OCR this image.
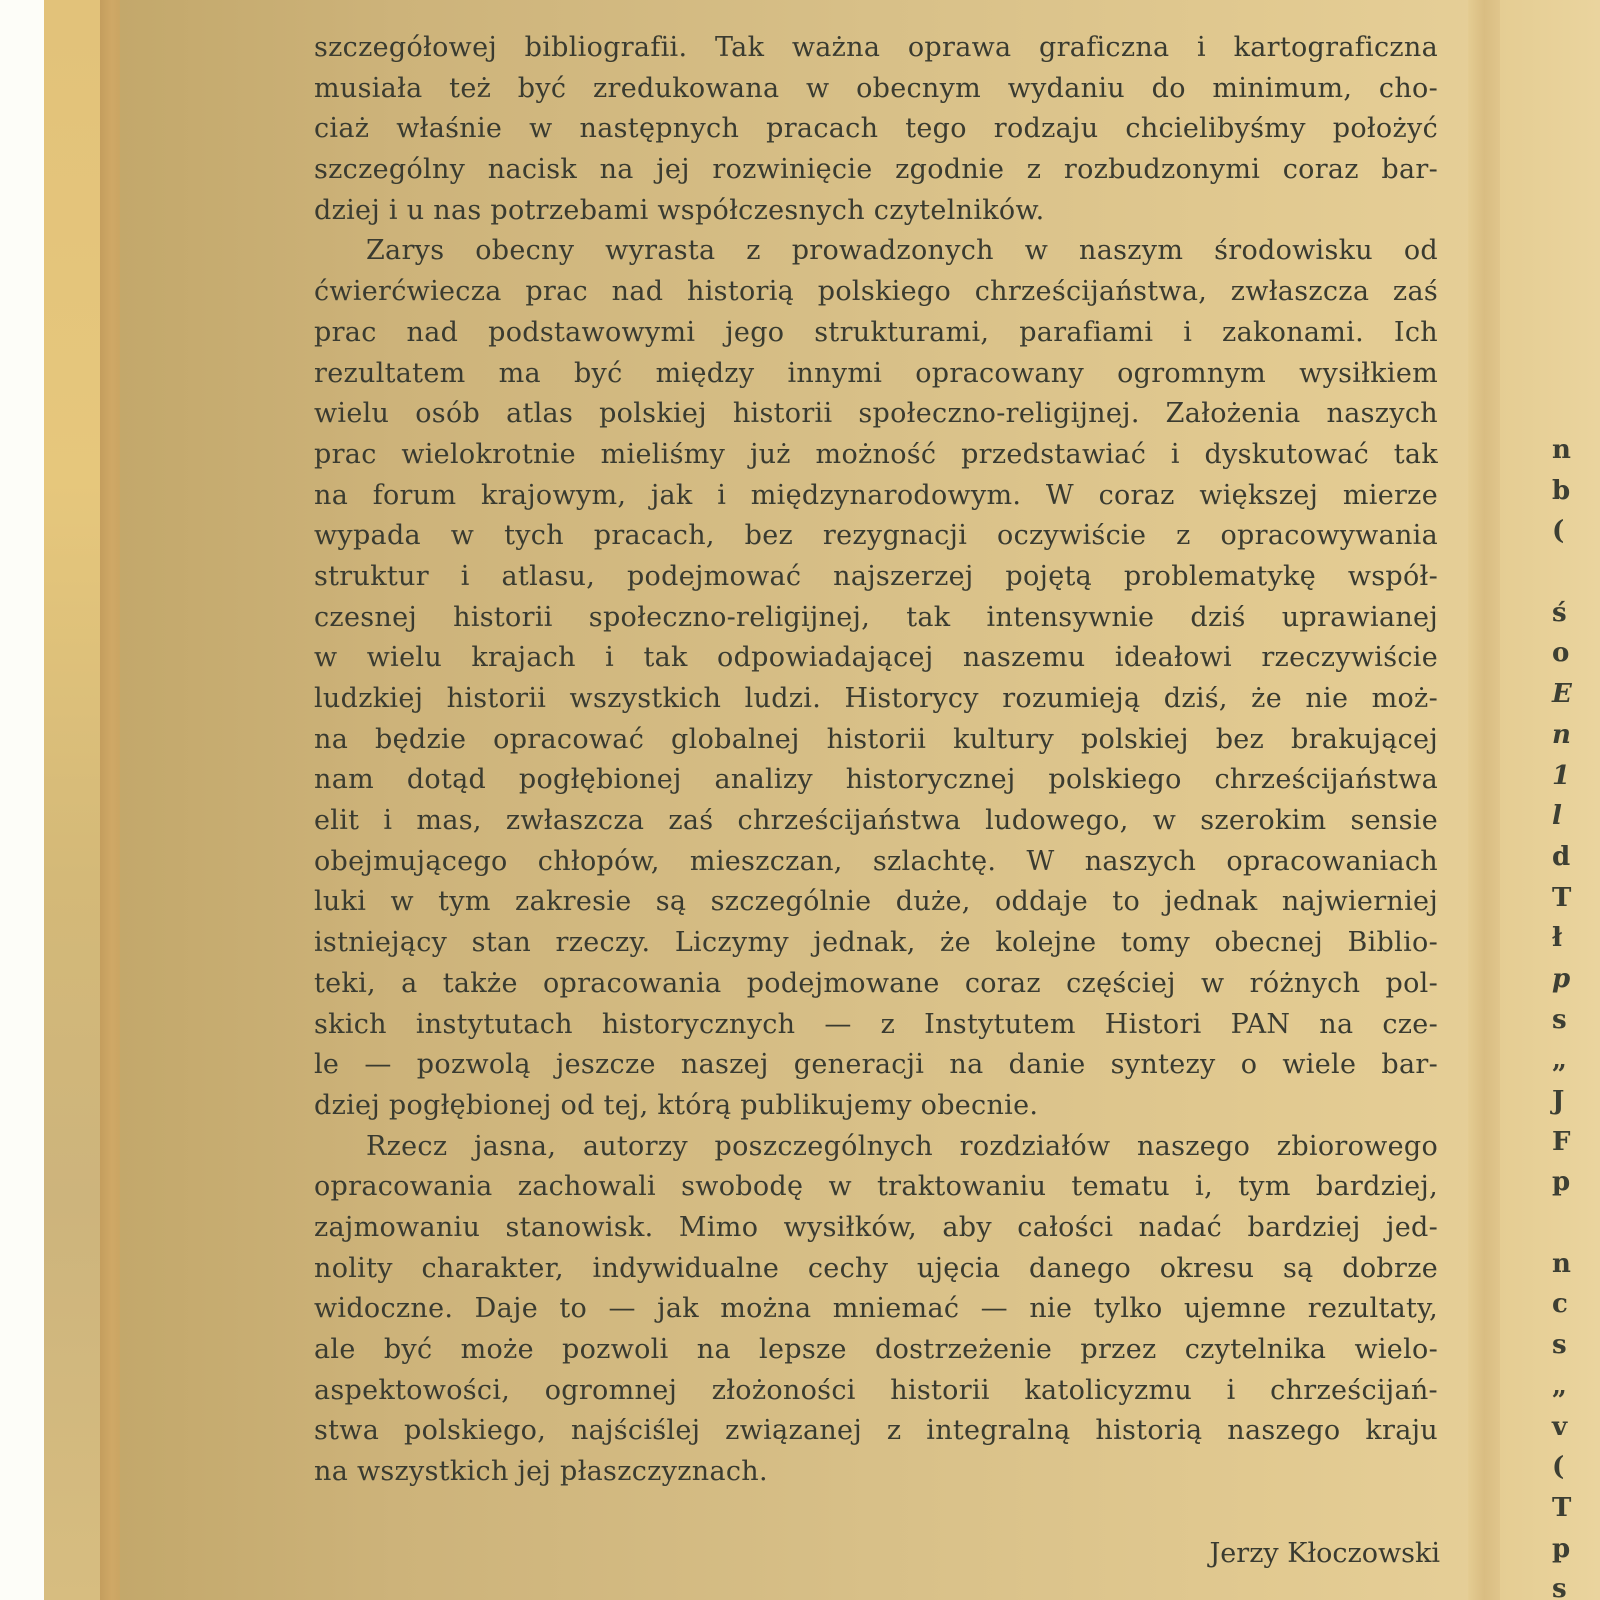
szczegółowej bibliografii. Tak ważna oprawa graficzna i kartograficzna
musiała też być zredukowana w obecnym wydaniu do minimum, cho-
ciaż właśnie w następnych pracach tego rodzaju chcielibyśmy położyć
szczególny nacisk na jej rozwinięcie zgodnie z rozbudzonymi coraz bar-
dziej i u nas potrzebami współczesnych czytelników.
Zarys obecny wyrasta z prowadzonych w naszym środowisku od
ćwierćwiecza prac nad historią polskiego chrześcijaństwa, zwłaszcza zaś
prac nad podstawowymi jego strukturami, parafiami i zakonami. Ich
rezultatem ma być między innymi opracowany ogromnym wysiłkiem
wielu osób atlas polskiej historii społeczno-religijnej. Założenia naszych
prac wielokrotnie mieliśmy już możność przedstawiać i dyskutować tak
na forum krajowym, jak i międzynarodowym. W coraz większej mierze
wypada w tych pracach, bez rezygnacji oczywiście z opracowywania
struktur i atlasu, podejmować najszerzej pojętą problematykę współ-
czesnej historii społeczno-religijnej, tak intensywnie dziś uprawianej
w wielu krajach i tak odpowiadającej naszemu ideałowi rzeczywiście
ludzkiej historii wszystkich ludzi. Historycy rozumieją dziś, że nie moż-
na będzie opracować globalnej historii kultury polskiej bez brakującej
nam dotąd pogłębionej analizy historycznej polskiego chrześcijaństwa
elit i mas, zwłaszcza zaś chrześcijaństwa ludowego, w szerokim sensie
obejmującego chłopów, mieszczan, szlachtę. W naszych opracowaniach
luki w tym zakresie są szczególnie duże, oddaje to jednak najwierniej
istniejący stan rzeczy. Liczymy jednak, że kolejne tomy obecnej Biblio-
teki, a także opracowania podejmowane coraz częściej w różnych pol-
skich instytutach historycznych — z Instytutem Histori PAN na cze-
le — pozwolą jeszcze naszej generacji na danie syntezy o wiele bar-
dziej pogłębionej od tej, którą publikujemy obecnie.
Rzecz jasna, autorzy poszczególnych rozdziałów naszego zbiorowego
opracowania zachowali swobodę w traktowaniu tematu i, tym bardziej,
zajmowaniu stanowisk. Mimo wysiłków, aby całości nadać bardziej jed-
nolity charakter, indywidualne cechy ujęcia danego okresu są dobrze
widoczne. Daje to — jak można mniemać — nie tylko ujemne rezultaty,
ale być może pozwoli na lepsze dostrzeżenie przez czytelnika wielo-
aspektowości, ogromnej złożoności historii katolicyzmu i chrześcijań-
stwa polskiego, najściślej związanej z integralną historią naszego kraju
na wszystkich jej płaszczyznach.
Jerzy Kłoczowski
n
b
(
ś
o
E
n
1
l
d
T
ł
p
s
„
J
F
p
n
c
s
„
v
(
T
p
s
